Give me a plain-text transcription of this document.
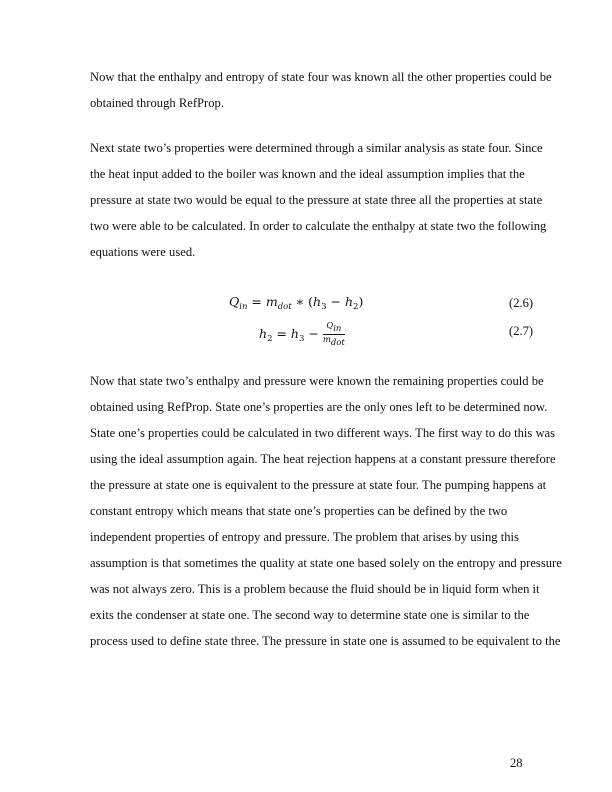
Now that the enthalpy and entropy of state four was known all the other properties could be
obtained through RefProp.
Next state two’s properties were determined through a similar analysis as state four. Since
the heat input added to the boiler was known and the ideal assumption implies that the
pressure at state two would be equal to the pressure at state three all the properties at state
two were able to be calculated. In order to calculate the enthalpy at state two the following
equations were used.
$Q_{in} = m_{dot}$ ∗ $(h_3 - h_2)$	(2.6)
$h_2 = h_3 - \frac{Q_{in}}{m_{dot}}$	(2.7)
Now that state two’s enthalpy and pressure were known the remaining properties could be
obtained using RefProp. State one’s properties are the only ones left to be determined now.
State one’s properties could be calculated in two different ways. The first way to do this was
using the ideal assumption again. The heat rejection happens at a constant pressure therefore
the pressure at state one is equivalent to the pressure at state four. The pumping happens at
constant entropy which means that state one’s properties can be defined by the two
independent properties of entropy and pressure. The problem that arises by using this
assumption is that sometimes the quality at state one based solely on the entropy and pressure
was not always zero. This is a problem because the fluid should be in liquid form when it
exits the condenser at state one. The second way to determine state one is similar to the
process used to define state three. The pressure in state one is assumed to be equivalent to the
28
